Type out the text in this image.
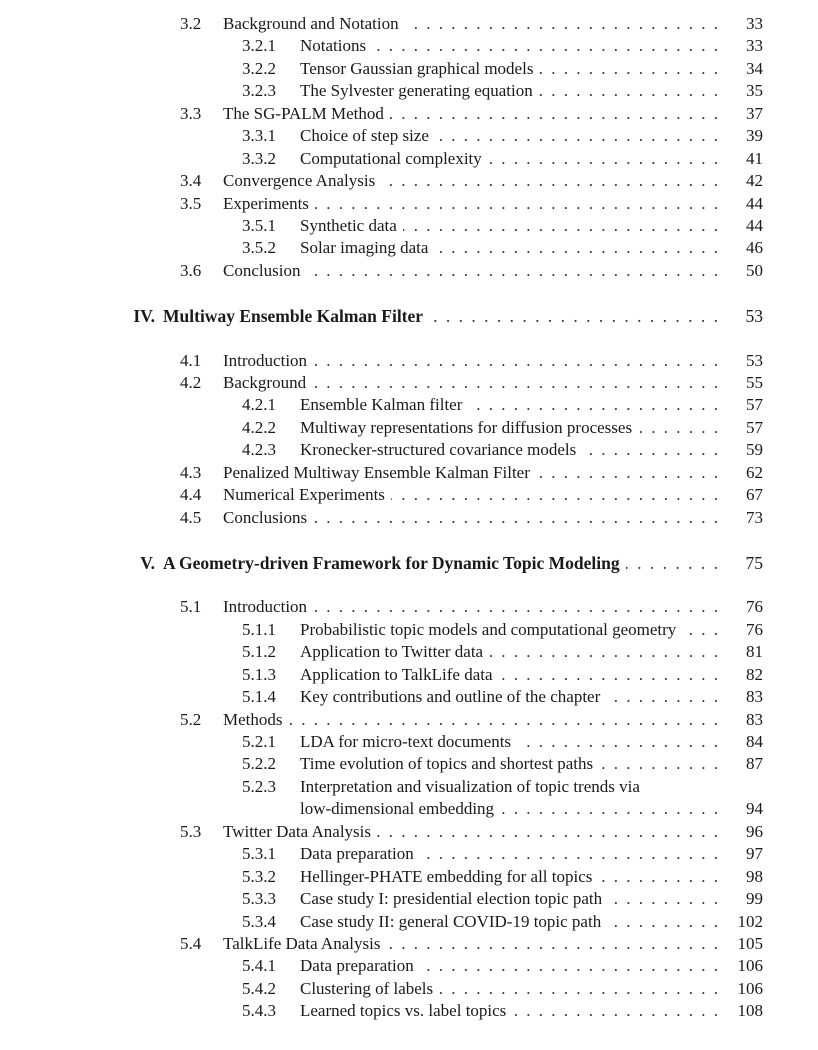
3.2 Background and Notation . . .	33
3.2.1 Notations . . .	33
3.2.2 Tensor Gaussian graphical models . . .	34
3.2.3 The Sylvester generating equation . . .	35
3.3 The SG-PALM Method . . .	37
3.3.1 Choice of step size . . .	39
3.3.2 Computational complexity . . .	41
3.4 Convergence Analysis . . .	42
3.5 Experiments . . .	44
3.5.1 Synthetic data . . .	44
3.5.2 Solar imaging data . . .	46
3.6 Conclusion . . .	50
IV. Multiway Ensemble Kalman Filter . . .	53
4.1 Introduction . . .	53
4.2 Background . . .	55
4.2.1 Ensemble Kalman filter . . .	57
4.2.2 Multiway representations for diffusion processes . . .	57
4.2.3 Kronecker-structured covariance models . . .	59
4.3 Penalized Multiway Ensemble Kalman Filter . . .	62
4.4 Numerical Experiments . . .	67
4.5 Conclusions . . .	73
V. A Geometry-driven Framework for Dynamic Topic Modeling . . .	75
5.1 Introduction . . .	76
5.1.1 Probabilistic topic models and computational geometry . . .	76
5.1.2 Application to Twitter data . . .	81
5.1.3 Application to TalkLife data . . .	82
5.1.4 Key contributions and outline of the chapter . . .	83
5.2 Methods . . .	83
5.2.1 LDA for micro-text documents . . .	84
5.2.2 Time evolution of topics and shortest paths . . .	87
5.2.3 Interpretation and visualization of topic trends via
low-dimensional embedding . . .	94
5.3 Twitter Data Analysis . . .	96
5.3.1 Data preparation . . .	97
5.3.2 Hellinger-PHATE embedding for all topics . . .	98
5.3.3 Case study I: presidential election topic path . . .	99
5.3.4 Case study II: general COVID-19 topic path . . .	102
5.4 TalkLife Data Analysis . . .	105
5.4.1 Data preparation . . .	106
5.4.2 Clustering of labels . . .	106
5.4.3 Learned topics vs. label topics . . .	108
